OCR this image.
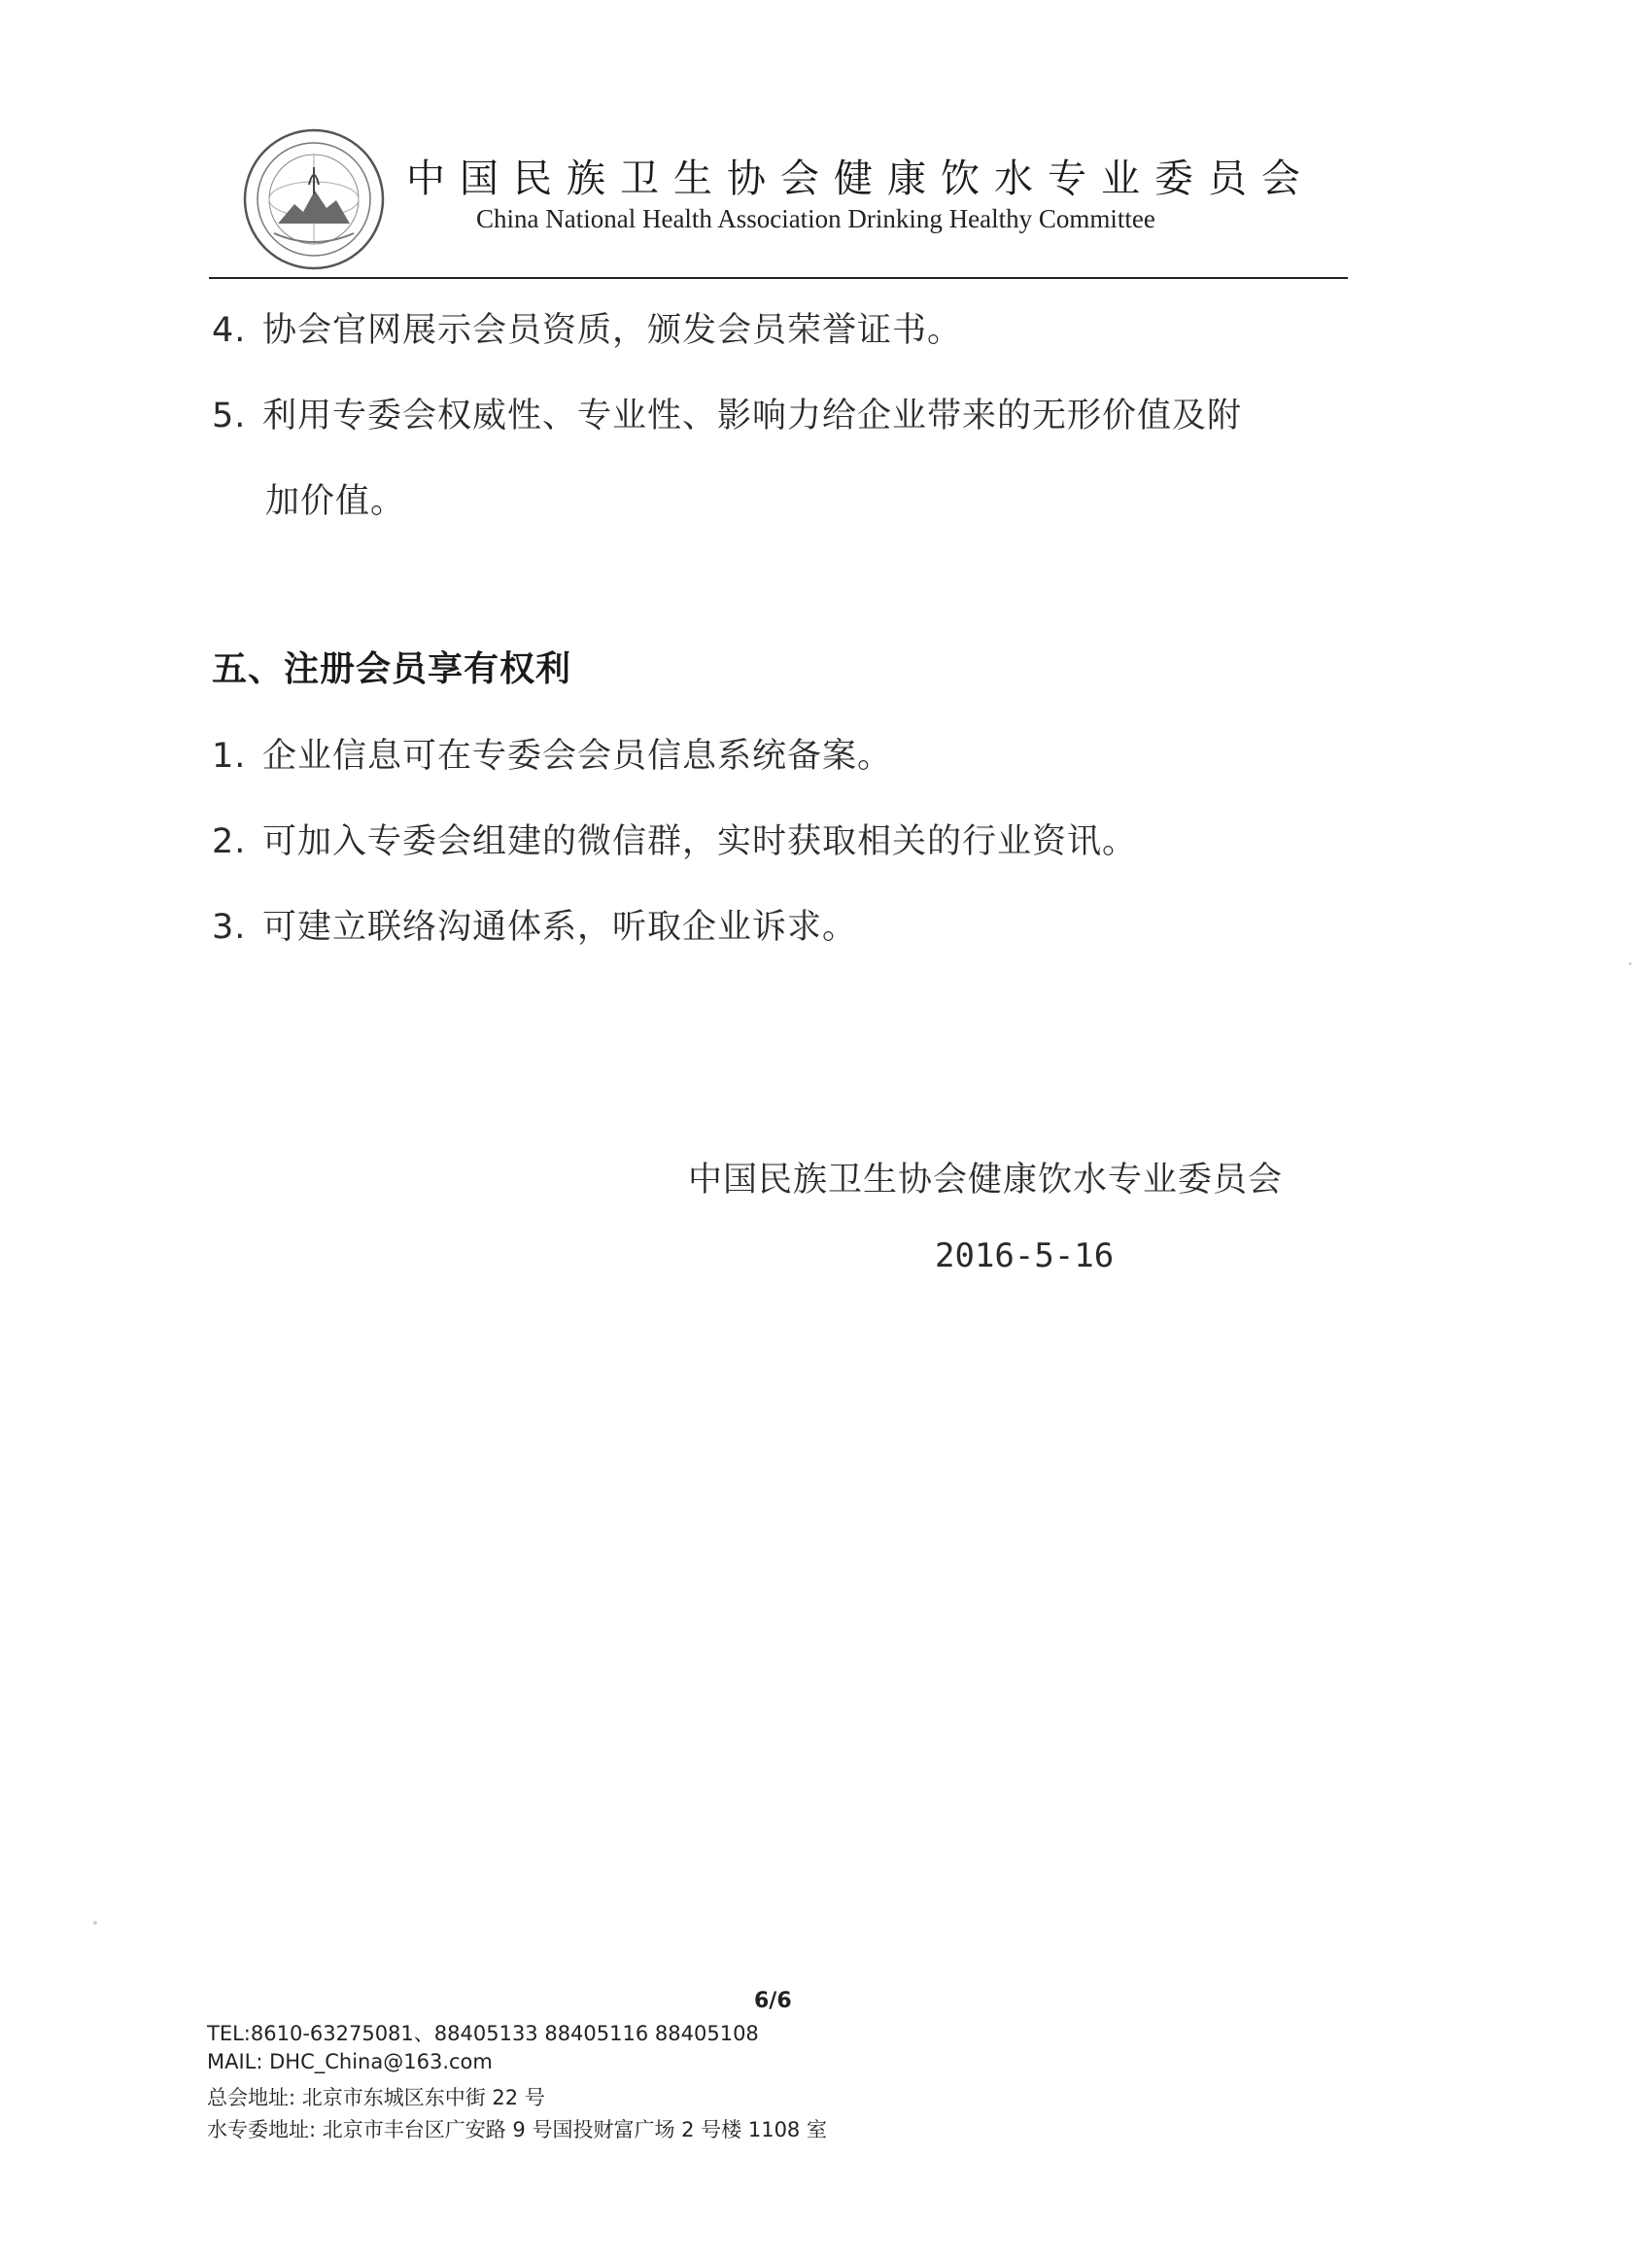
中国民族卫生协会健康饮水专业委员会
China National Health Association Drinking Healthy Committee
4. 协会官网展示会员资质，颁发会员荣誉证书。
5. 利用专委会权威性、专业性、影响力给企业带来的无形价值及附
加价值。
五、注册会员享有权利
1. 企业信息可在专委会会员信息系统备案。
2. 可加入专委会组建的微信群，实时获取相关的行业资讯。
3. 可建立联络沟通体系，听取企业诉求。
中国民族卫生协会健康饮水专业委员会
2016-5-16
6/6
TEL:8610-63275081、88405133 88405116 88405108
MAIL: DHC_China@163.com
总会地址: 北京市东城区东中街 22 号
水专委地址: 北京市丰台区广安路 9 号国投财富广场 2 号楼 1108 室
